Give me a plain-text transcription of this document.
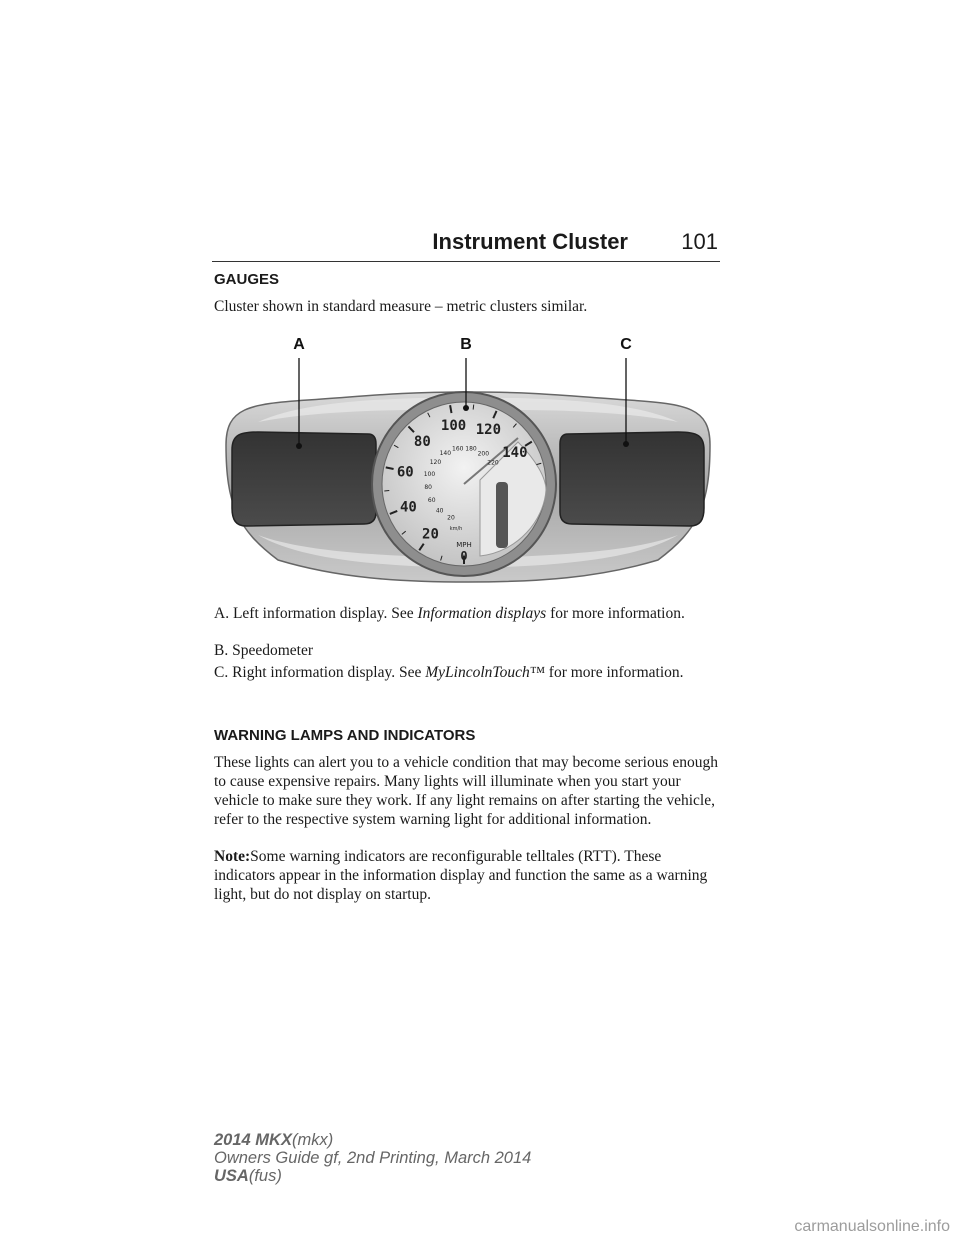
Instrument Cluster 101
GAUGES
Cluster shown in standard measure – metric clusters similar.
20
40
60
80
100 120
140
20
40
60
80
100
120
140
160 180
200
220
0
MPH
km/h
A	B	C
A. Left information display. See Information displays for more information.
B. Speedometer
C. Right information display. See MyLincolnTouch™ for more information.
WARNING LAMPS AND INDICATORS
These lights can alert you to a vehicle condition that may become serious enough to cause expensive repairs. Many lights will illuminate when you start your vehicle to make sure they work. If any light remains on after starting the vehicle, refer to the respective system warning light for additional information.
Note:Some warning indicators are reconfigurable telltales (RTT). These indicators appear in the information display and function the same as a warning light, but do not display on startup.
2014 MKX(mkx)
Owners Guide gf, 2nd Printing, March 2014
USA(fus)
carmanualsonline.info
